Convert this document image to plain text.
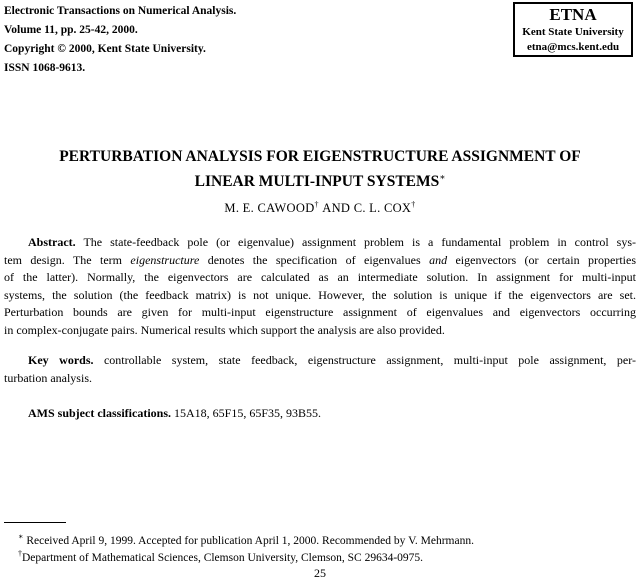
Electronic Transactions on Numerical Analysis.
Volume 11, pp. 25-42, 2000.
Copyright © 2000, Kent State University.
ISSN 1068-9613.
ETNA
Kent State University
etna@mcs.kent.edu
PERTURBATION ANALYSIS FOR EIGENSTRUCTURE ASSIGNMENT OF
LINEAR MULTI-INPUT SYSTEMS∗
M. E. CAWOOD† AND C. L. COX†
Abstract. The state-feedback pole (or eigenvalue) assignment problem is a fundamental problem in control sys-
tem design. The term eigenstructure denotes the specification of eigenvalues and eigenvectors (or certain properties
of the latter). Normally, the eigenvectors are calculated as an intermediate solution. In assignment for multi-input
systems, the solution (the feedback matrix) is not unique. However, the solution is unique if the eigenvectors are set.
Perturbation bounds are given for multi-input eigenstructure assignment of eigenvalues and eigenvectors occurring
in complex-conjugate pairs. Numerical results which support the analysis are also provided.
Key words. controllable system, state feedback, eigenstructure assignment, multi-input pole assignment, per-
turbation analysis.
AMS subject classifications. 15A18, 65F15, 65F35, 93B55.
∗ Received April 9, 1999. Accepted for publication April 1, 2000. Recommended by V. Mehrmann.
†Department of Mathematical Sciences, Clemson University, Clemson, SC 29634-0975.
25
